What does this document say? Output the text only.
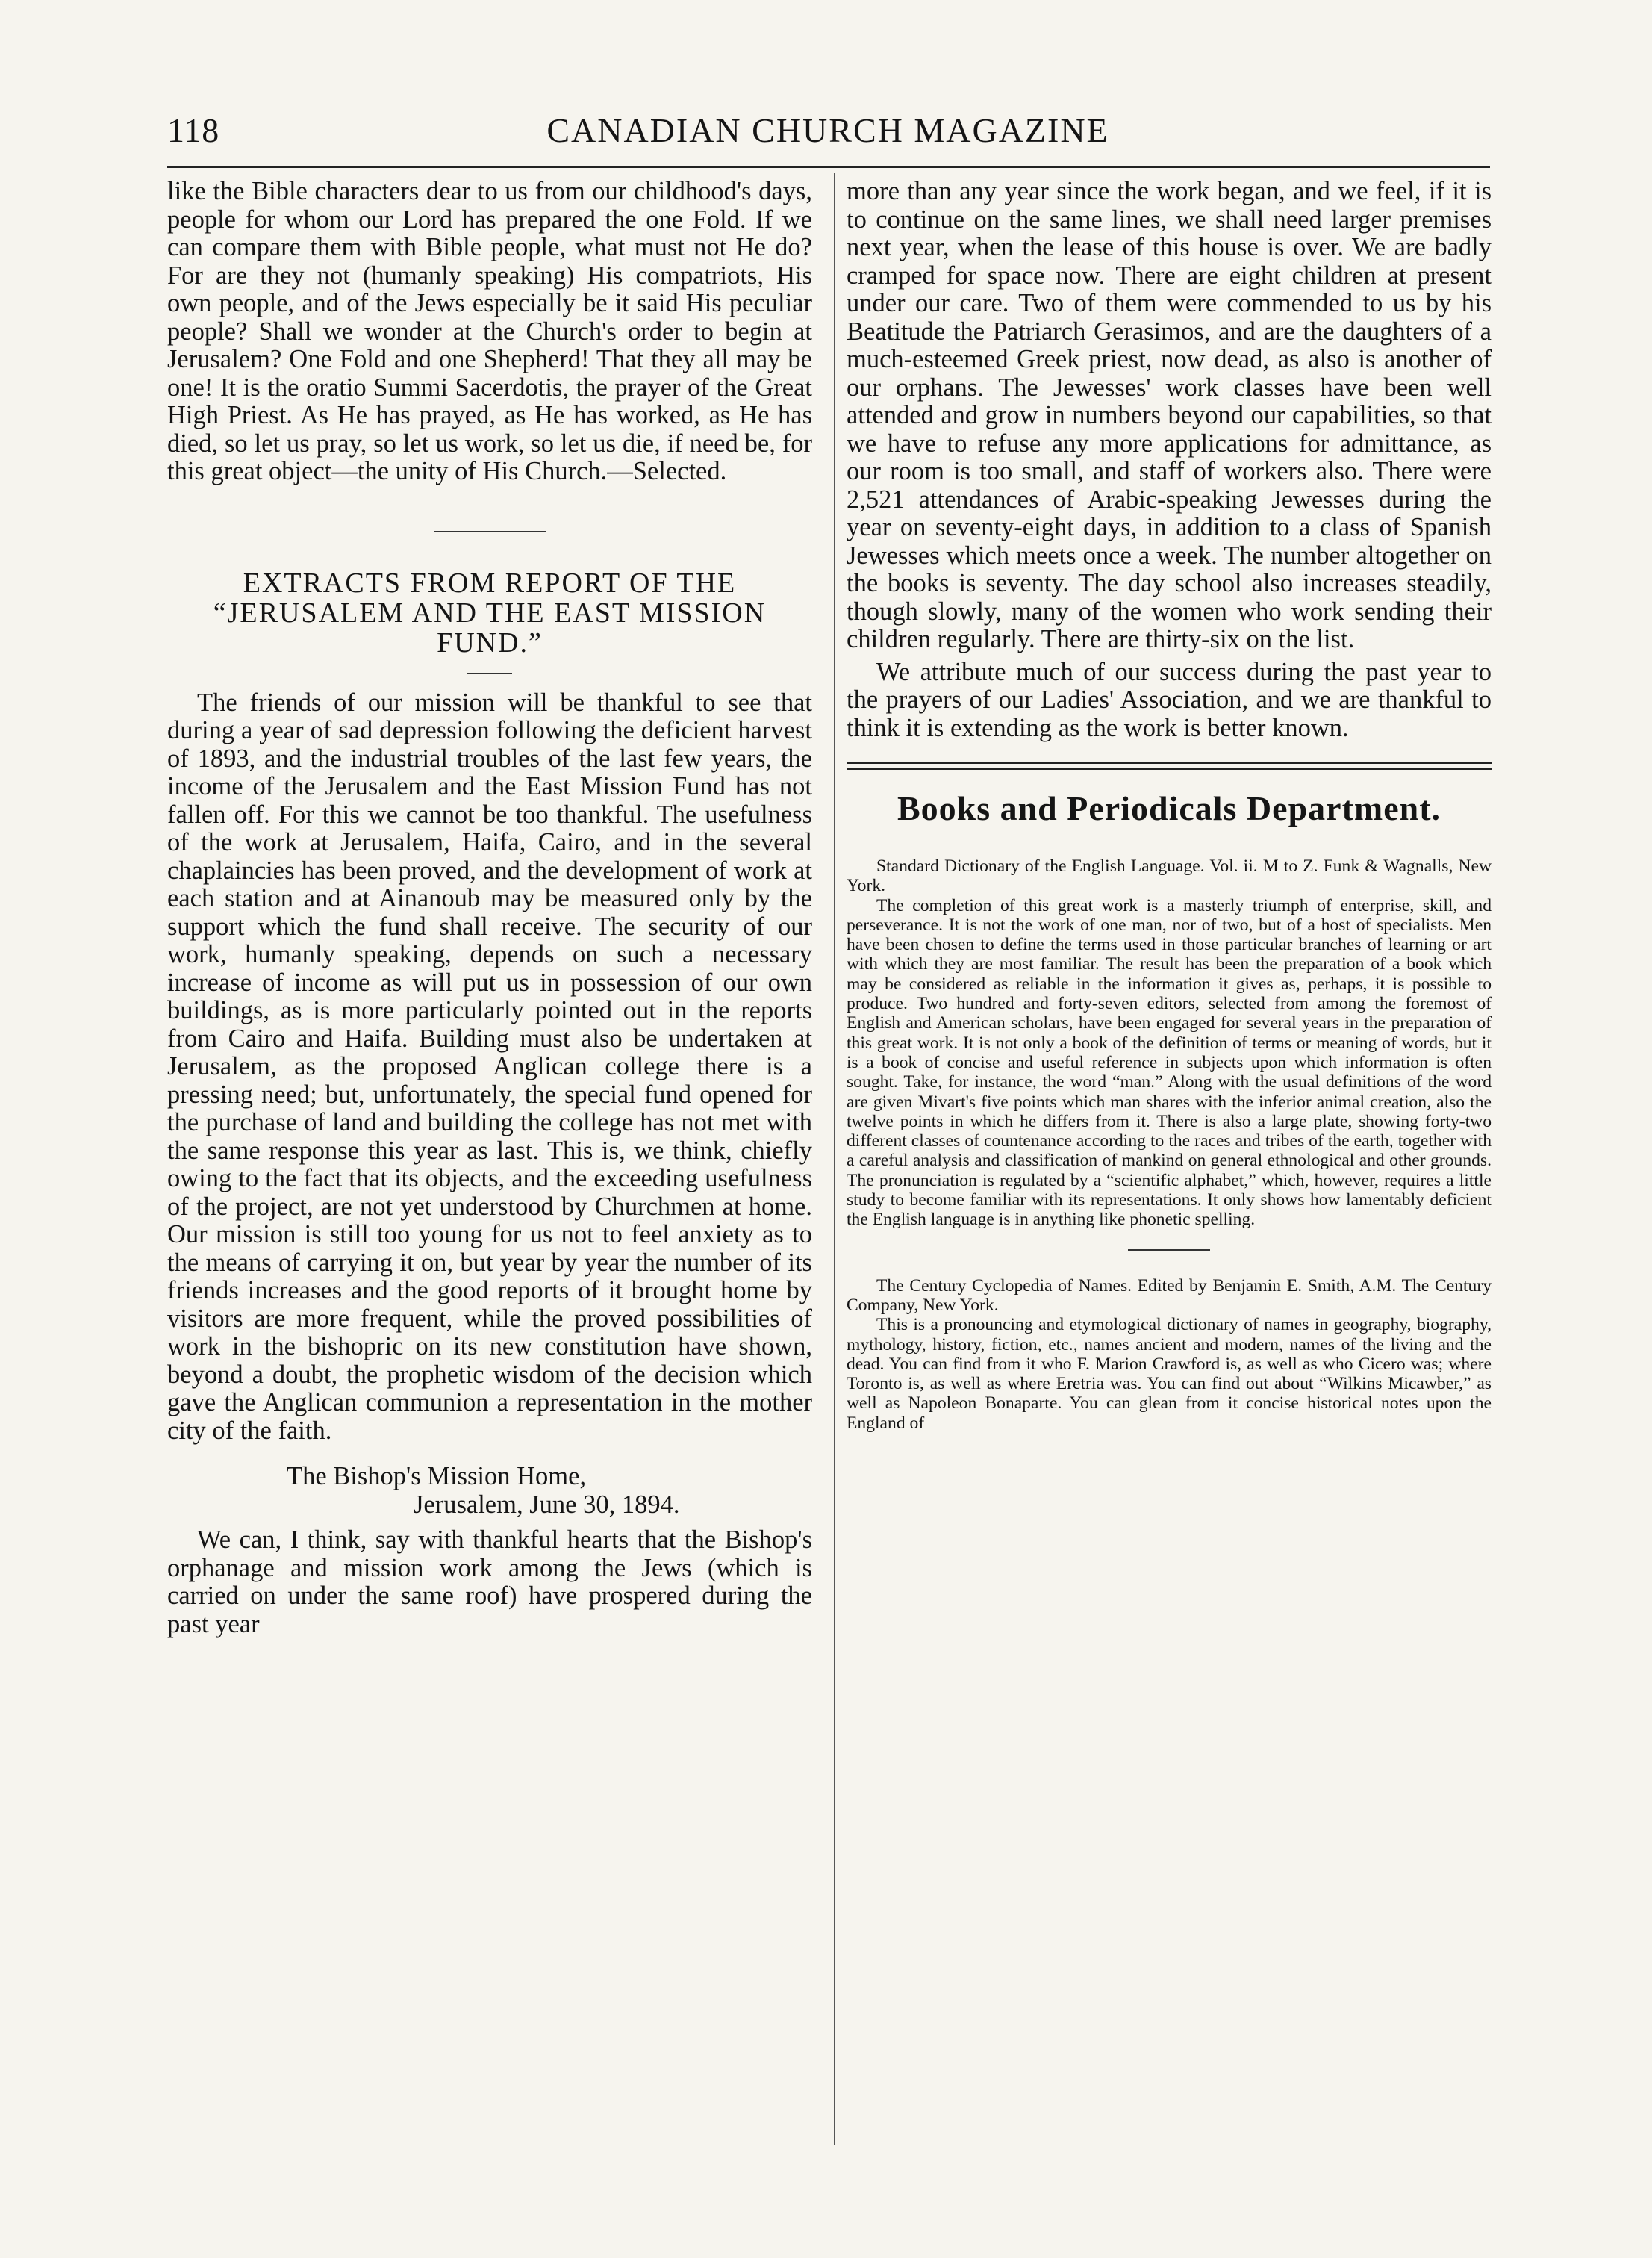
118	CANADIAN CHURCH MAGAZINE

like the Bible characters dear to us from our childhood's days, people for whom our Lord has prepared the one Fold. If we can compare them with Bible people, what must not He do? For are they not (humanly speaking) His compatriots, His own people, and of the Jews especially be it said His peculiar people? Shall we wonder at the Church's order to begin at Jerusalem? One Fold and one Shepherd! That they all may be one! It is the oratio Summi Sacerdotis, the prayer of the Great High Priest. As He has prayed, as He has worked, as He has died, so let us pray, so let us work, so let us die, if need be, for this great object—the unity of His Church.—Selected.

EXTRACTS FROM REPORT OF THE “JERUSALEM AND THE EAST MISSION FUND.”

The friends of our mission will be thankful to see that during a year of sad depression following the deficient harvest of 1893, and the industrial troubles of the last few years, the income of the Jerusalem and the East Mission Fund has not fallen off. For this we cannot be too thankful. The usefulness of the work at Jerusalem, Haifa, Cairo, and in the several chaplaincies has been proved, and the development of work at each station and at Ainanoub may be measured only by the support which the fund shall receive. The security of our work, humanly speaking, depends on such a necessary increase of income as will put us in possession of our own buildings, as is more particularly pointed out in the reports from Cairo and Haifa. Building must also be undertaken at Jerusalem, as the proposed Anglican college there is a pressing need; but, unfortunately, the special fund opened for the purchase of land and building the college has not met with the same response this year as last. This is, we think, chiefly owing to the fact that its objects, and the exceeding usefulness of the project, are not yet understood by Churchmen at home. Our mission is still too young for us not to feel anxiety as to the means of carrying it on, but year by year the number of its friends increases and the good reports of it brought home by visitors are more frequent, while the proved possibilities of work in the bishopric on its new constitution have shown, beyond a doubt, the prophetic wisdom of the decision which gave the Anglican communion a representation in the mother city of the faith.

The Bishop's Mission Home,

Jerusalem, June 30, 1894.

We can, I think, say with thankful hearts that the Bishop's orphanage and mission work among the Jews (which is carried on under the same roof) have prospered during the past year

more than any year since the work began, and we feel, if it is to continue on the same lines, we shall need larger premises next year, when the lease of this house is over. We are badly cramped for space now. There are eight children at present under our care. Two of them were commended to us by his Beatitude the Patriarch Gerasimos, and are the daughters of a much-esteemed Greek priest, now dead, as also is another of our orphans. The Jewesses' work classes have been well attended and grow in numbers beyond our capabilities, so that we have to refuse any more applications for admittance, as our room is too small, and staff of workers also. There were 2,521 attendances of Arabic-speaking Jewesses during the year on seventy-eight days, in addition to a class of Spanish Jewesses which meets once a week. The number altogether on the books is seventy. The day school also increases steadily, though slowly, many of the women who work sending their children regularly. There are thirty-six on the list.

We attribute much of our success during the past year to the prayers of our Ladies' Association, and we are thankful to think it is extending as the work is better known.

Books and Periodicals Department.

Standard Dictionary of the English Language. Vol. ii. M to Z. Funk & Wagnalls, New York.

The completion of this great work is a masterly triumph of enterprise, skill, and perseverance. It is not the work of one man, nor of two, but of a host of specialists. Men have been chosen to define the terms used in those particular branches of learning or art with which they are most familiar. The result has been the preparation of a book which may be considered as reliable in the information it gives as, perhaps, it is possible to produce. Two hundred and forty-seven editors, selected from among the foremost of English and American scholars, have been engaged for several years in the preparation of this great work. It is not only a book of the definition of terms or meaning of words, but it is a book of concise and useful reference in subjects upon which information is often sought. Take, for instance, the word “man.” Along with the usual definitions of the word are given Mivart's five points which man shares with the inferior animal creation, also the twelve points in which he differs from it. There is also a large plate, showing forty-two different classes of countenance according to the races and tribes of the earth, together with a careful analysis and classification of mankind on general ethnological and other grounds. The pronunciation is regulated by a “scientific alphabet,” which, however, requires a little study to become familiar with its representations. It only shows how lamentably deficient the English language is in anything like phonetic spelling.

The Century Cyclopedia of Names. Edited by Benjamin E. Smith, A.M. The Century Company, New York.

This is a pronouncing and etymological dictionary of names in geography, biography, mythology, history, fiction, etc., names ancient and modern, names of the living and the dead. You can find from it who F. Marion Crawford is, as well as who Cicero was; where Toronto is, as well as where Eretria was. You can find out about “Wilkins Micawber,” as well as Napoleon Bonaparte. You can glean from it concise historical notes upon the England of
